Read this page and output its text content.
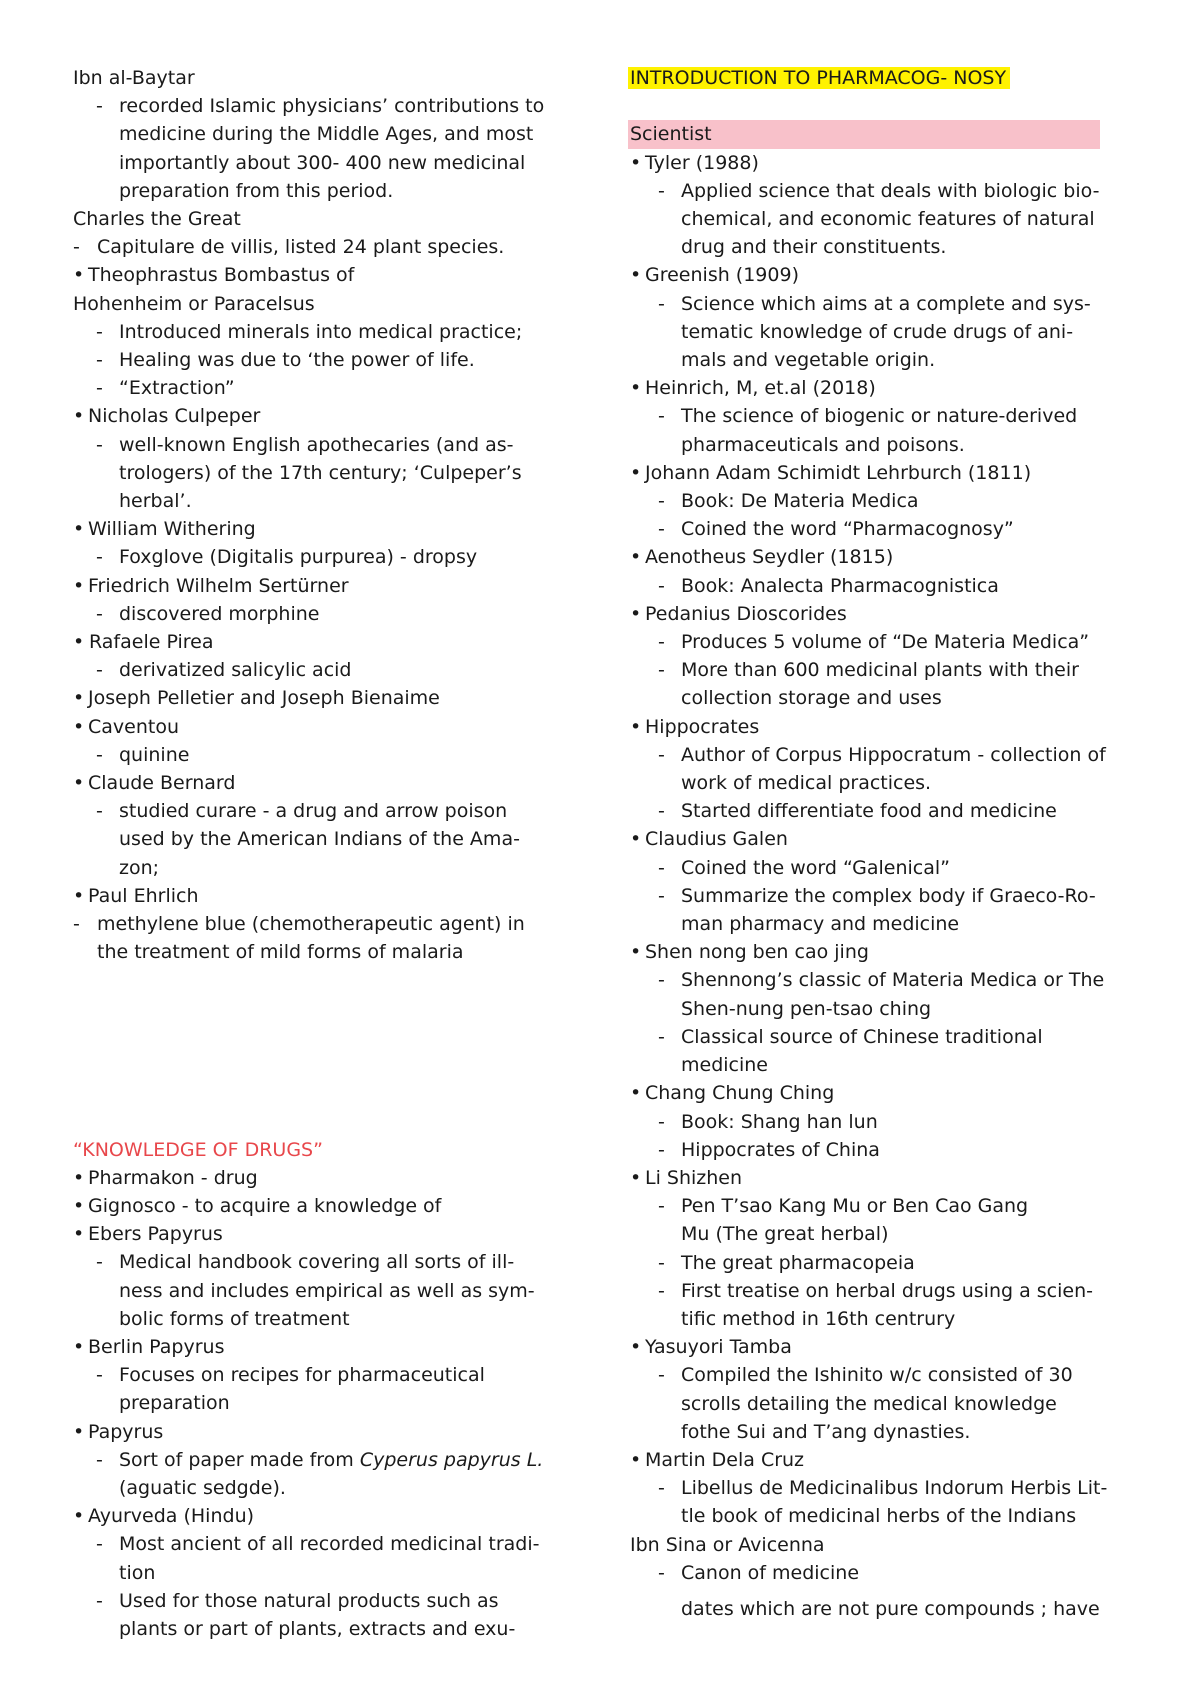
Ibn al-Baytar
- recorded Islamic physicians’ contributions to
medicine during the Middle Ages, and most
importantly about 300- 400 new medicinal
preparation from this period.
Charles the Great
- Capitulare de villis, listed 24 plant species.
• Theophrastus Bombastus of
Hohenheim or Paracelsus
- Introduced minerals into medical practice;
- Healing was due to ‘the power of life.
- “Extraction”
• Nicholas Culpeper
- well-known English apothecaries (and as-
trologers) of the 17th century; ‘Culpeper’s
herbal’.
• William Withering
- Foxglove (Digitalis purpurea) - dropsy
• Friedrich Wilhelm Sertürner
- discovered morphine
• Rafaele Pirea
- derivatized salicylic acid
• Joseph Pelletier and Joseph Bienaime
• Caventou
- quinine
• Claude Bernard
- studied curare - a drug and arrow poison
used by the American Indians of the Ama-
zon;
• Paul Ehrlich
- methylene blue (chemotherapeutic agent) in
the treatment of mild forms of malaria
“KNOWLEDGE OF DRUGS”
• Pharmakon - drug
• Gignosco - to acquire a knowledge of
• Ebers Papyrus
- Medical handbook covering all sorts of ill-
ness and includes empirical as well as sym-
bolic forms of treatment
• Berlin Papyrus
- Focuses on recipes for pharmaceutical
preparation
• Papyrus
- Sort of paper made from Cyperus papyrus L.
(aguatic sedgde).
• Ayurveda (Hindu)
- Most ancient of all recorded medicinal tradi-
tion
- Used for those natural products such as
plants or part of plants, extracts and exu-
INTRODUCTION TO PHARMACOG- NOSY
Scientist
• Tyler (1988)
- Applied science that deals with biologic bio-
chemical, and economic features of natural
drug and their constituents.
• Greenish (1909)
- Science which aims at a complete and sys-
tematic knowledge of crude drugs of ani-
mals and vegetable origin.
• Heinrich, M, et.al (2018)
- The science of biogenic or nature-derived
pharmaceuticals and poisons.
• Johann Adam Schimidt Lehrburch (1811)
- Book: De Materia Medica
- Coined the word “Pharmacognosy”
• Aenotheus Seydler (1815)
- Book: Analecta Pharmacognistica
• Pedanius Dioscorides
- Produces 5 volume of “De Materia Medica”
- More than 600 medicinal plants with their
collection storage and uses
• Hippocrates
- Author of Corpus Hippocratum - collection of
work of medical practices.
- Started differentiate food and medicine
• Claudius Galen
- Coined the word “Galenical”
- Summarize the complex body if Graeco-Ro-
man pharmacy and medicine
• Shen nong ben cao jing
- Shennong’s classic of Materia Medica or The
Shen-nung pen-tsao ching
- Classical source of Chinese traditional
medicine
• Chang Chung Ching
- Book: Shang han lun
- Hippocrates of China
• Li Shizhen
- Pen T’sao Kang Mu or Ben Cao Gang
Mu (The great herbal)
- The great pharmacopeia
- First treatise on herbal drugs using a scien-
tific method in 16th centrury
• Yasuyori Tamba
- Compiled the Ishinito w/c consisted of 30
scrolls detailing the medical knowledge
fothe Sui and T’ang dynasties.
• Martin Dela Cruz
- Libellus de Medicinalibus Indorum Herbis Lit-
tle book of medicinal herbs of the Indians
Ibn Sina or Avicenna
- Canon of medicine
dates which are not pure compounds ; have
